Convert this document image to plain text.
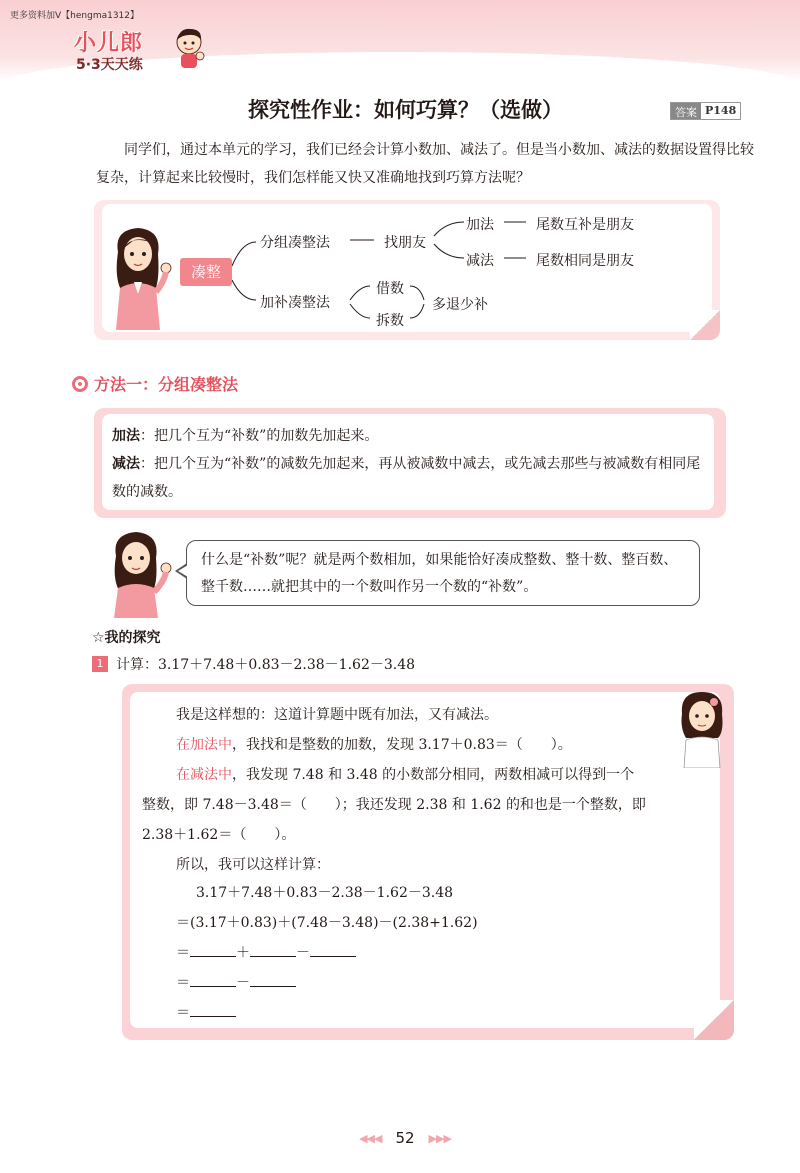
更多资料加V【hengma1312】
小儿郎
5·3天天练
探究性作业：如何巧算？（选做）	答案 P148
同学们，通过本单元的学习，我们已经会计算小数加、减法了。但是当小数加、减法的数据设置得比较复杂，计算起来比较慢时，我们怎样能又快又准确地找到巧算方法呢？
凑整
分组凑整法	找朋友
加法	尾数互补是朋友
减法	尾数相同是朋友
加补凑整法
借数
拆数
多退少补
方法一：分组凑整法
加法：把几个互为“补数”的加数先加起来。
减法：把几个互为“补数”的减数先加起来，再从被减数中减去，或先减去那些与被减数有相同尾数的减数。
什么是“补数”呢？就是两个数相加，如果能恰好凑成整数、整十数、整百数、整千数……就把其中的一个数叫作另一个数的“补数”。
☆我的探究
1 计算：3.17＋7.48＋0.83－2.38－1.62－3.48
我是这样想的：这道计算题中既有加法，又有减法。
在加法中，我找和是整数的加数，发现 3.17＋0.83＝（　　）。
在减法中，我发现 7.48 和 3.48 的小数部分相同，两数相减可以得到一个
整数，即 7.48－3.48＝（　　）；我还发现 2.38 和 1.62 的和也是一个整数，即
2.38＋1.62＝（　　）。
所以，我可以这样计算：
3.17＋7.48＋0.83－2.38－1.62－3.48
＝(3.17＋0.83)＋(7.48－3.48)－(2.38+1.62)
＝	＋	－
＝	－
＝
◀◀◀ 52 ▶▶▶
